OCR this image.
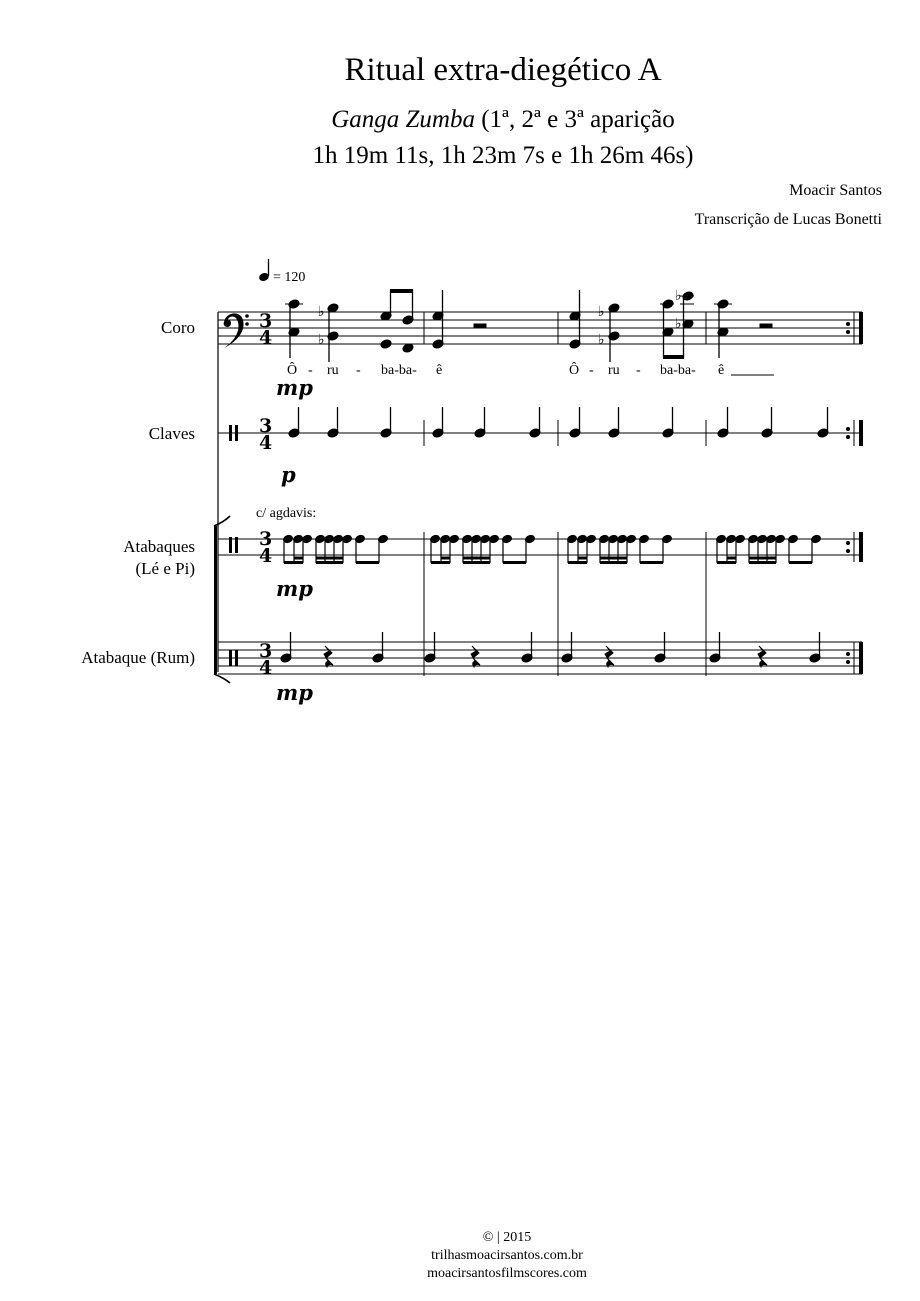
Ritual extra-diegético A
Ganga Zumba (1ª, 2ª e 3ª aparição
1h 19m 11s, 1h 23m 7s e 1h 26m 46s)
Moacir Santos
Transcrição de Lucas Bonetti
Coro
Claves
Atabaques
(Lé e Pi)
Atabaque (Rum)
= 120
3
4
♭
♭
♭
♭
♭
♭
Ô - ru - ba-ba- ê	Ô - ru - ba-ba- ê
mp
3
4
p
c/ agdavis:
3
4
mp
3
4
mp
© | 2015
trilhasmoacirsantos.com.br
moacirsantosfilmscores.com
